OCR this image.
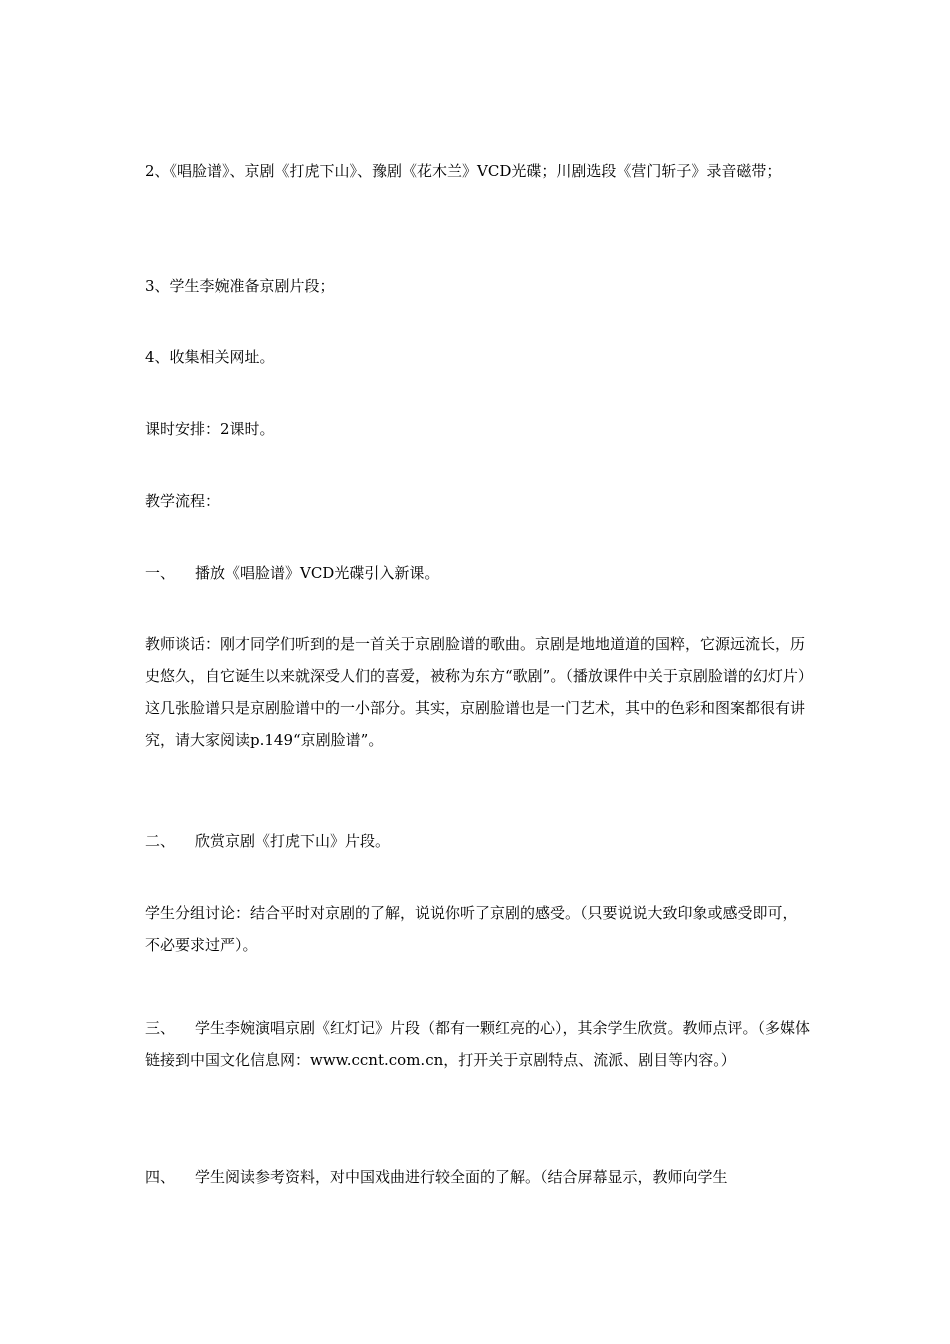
2、《唱脸谱》、京剧《打虎下山》、豫剧《花木兰》VCD光碟；川剧选段《营门斩子》录音磁带；

3、学生李婉准备京剧片段；

4、收集相关网址。

课时安排：2课时。

教学流程：

一、 播放《唱脸谱》VCD光碟引入新课。

教师谈话：刚才同学们听到的是一首关于京剧脸谱的歌曲。京剧是地地道道的国粹，它源远流长，历史悠久，自它诞生以来就深受人们的喜爱，被称为东方“歌剧”。（播放课件中关于京剧脸谱的幻灯片）这几张脸谱只是京剧脸谱中的一小部分。其实，京剧脸谱也是一门艺术，其中的色彩和图案都很有讲究，请大家阅读p.149“京剧脸谱”。

二、 欣赏京剧《打虎下山》片段。

学生分组讨论：结合平时对京剧的了解，说说你听了京剧的感受。（只要说说大致印象或感受即可，不必要求过严）。

三、 学生李婉演唱京剧《红灯记》片段（都有一颗红亮的心），其余学生欣赏。教师点评。（多媒体链接到中国文化信息网：www.ccnt.com.cn，打开关于京剧特点、流派、剧目等内容。）

四、 学生阅读参考资料，对中国戏曲进行较全面的了解。（结合屏幕显示，教师向学生
